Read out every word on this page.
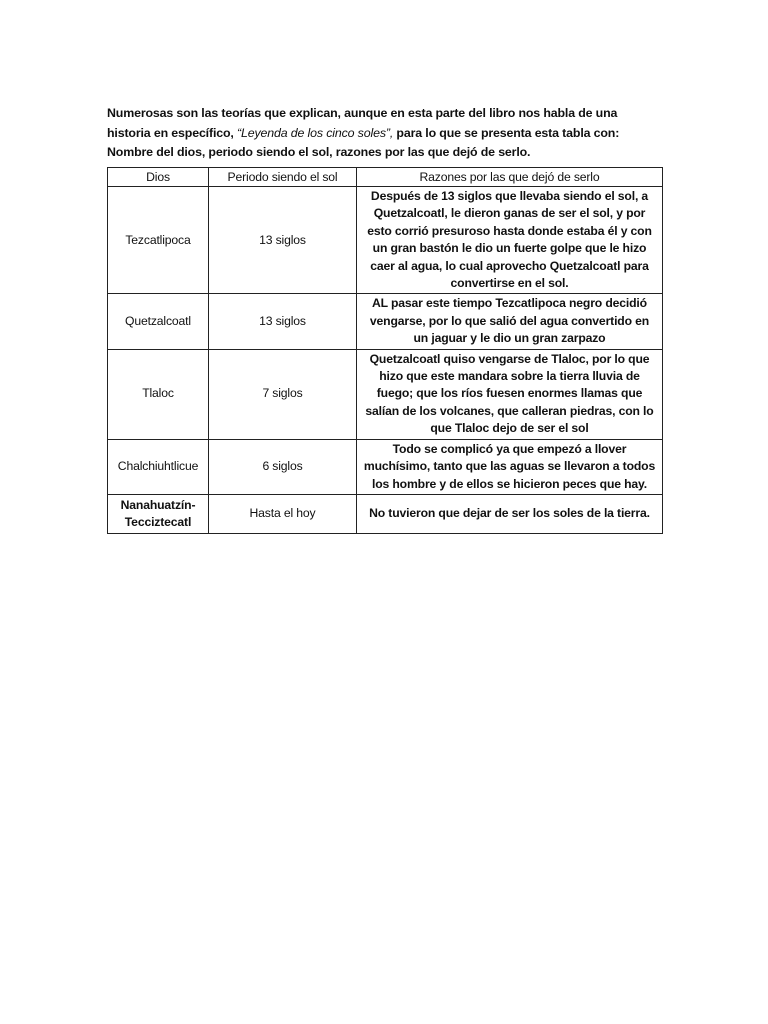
Numerosas son las teorías que explican, aunque en esta parte del libro nos habla de una historia en específico, “Leyenda de los cinco soles”, para lo que se presenta esta tabla con: Nombre del dios, periodo siendo el sol, razones por las que dejó de serlo.

Dios	Periodo siendo el sol	Razones por las que dejó de serlo
Tezcatlipoca	13 siglos	Después de 13 siglos que llevaba siendo el sol, a Quetzalcoatl, le dieron ganas de ser el sol, y por esto corrió presuroso hasta donde estaba él y con un gran bastón le dio un fuerte golpe que le hizo caer al agua, lo cual aprovecho Quetzalcoatl para convertirse en el sol.
Quetzalcoatl	13 siglos	AL pasar este tiempo Tezcatlipoca negro decidió vengarse, por lo que salió del agua convertido en un jaguar y le dio un gran zarpazo
Tlaloc	7 siglos	Quetzalcoatl quiso vengarse de Tlaloc, por lo que hizo que este mandara sobre la tierra lluvia de fuego; que los ríos fuesen enormes llamas que salían de los volcanes, que calleran piedras, con lo que Tlaloc dejo de ser el sol
Chalchiuhtlicue	6 siglos	Todo se complicó ya que empezó a llover muchísimo, tanto que las aguas se llevaron a todos los hombre y de ellos se hicieron peces que hay.
Nanahuatzín-Tecciztecatl	Hasta el hoy	No tuvieron que dejar de ser los soles de la tierra.
